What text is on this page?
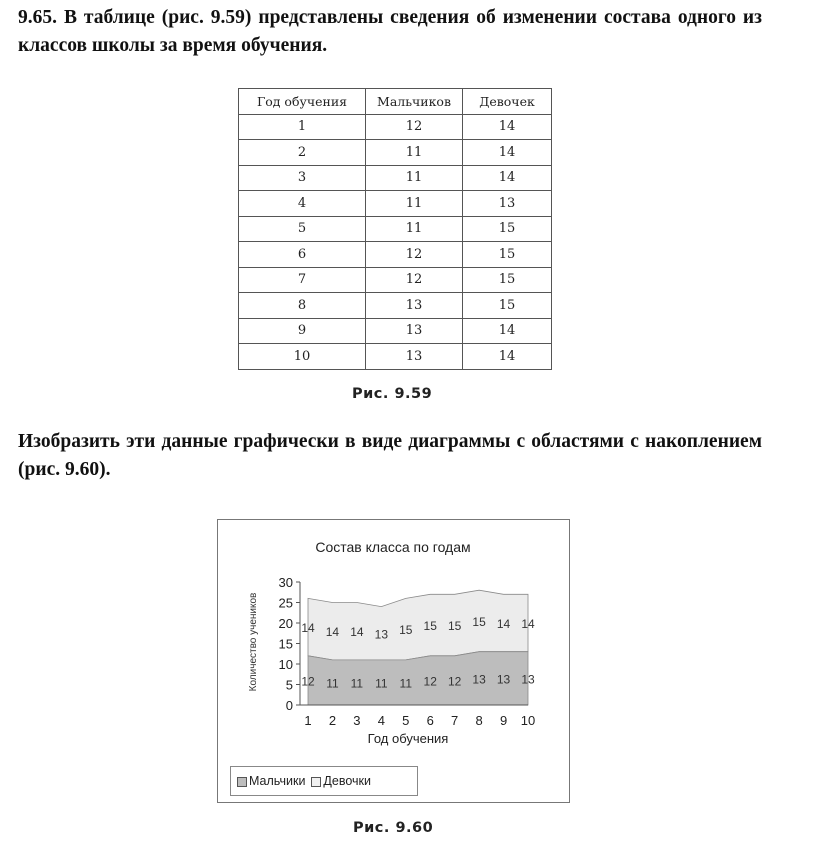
9.65. В таблице (рис. 9.59) представлены сведения об изменении состава одного из классов школы за время обучения.

Год обучения	Мальчиков	Девочек
1	12	14
2	11	14
3	11	14
4	11	13
5	11	15
6	12	15
7	12	15
8	13	15
9	13	14
10	13	14
Рис. 9.59

Изобразить эти данные графически в виде диаграммы с областями с накоплением (рис. 9.60).

Состав класса по годам
Количество учеников
Год обучения
0
5
10
15
20
25
30
1 2 3 4 5 6 7 8 9 10
12 11 11 11 11 12 12 13 13 13
14 14 14 13 15 15 15 15 14 14
Мальчики	Девочки
Рис. 9.60
